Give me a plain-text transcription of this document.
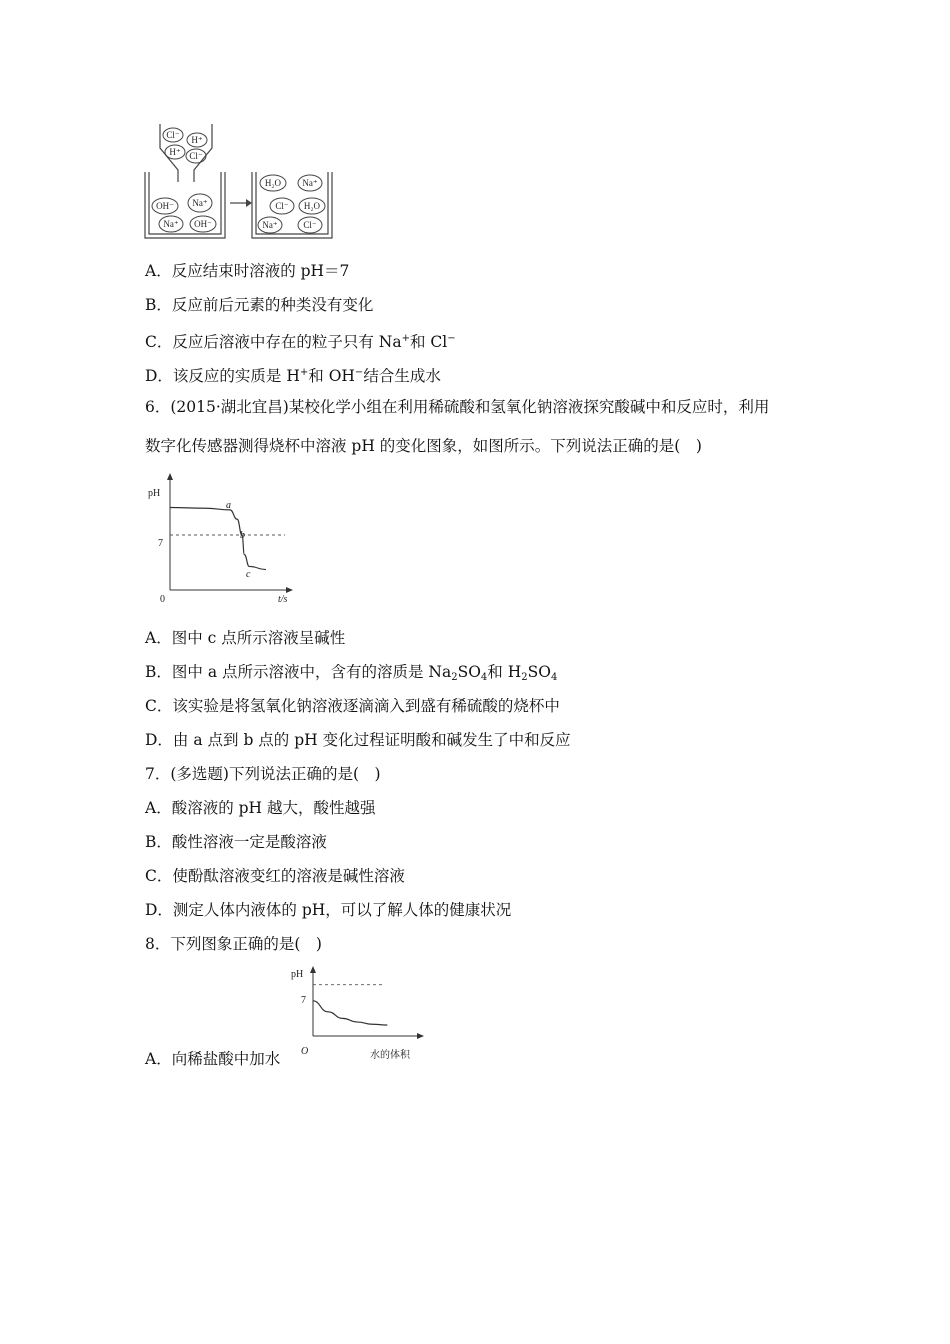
Cl⁻ H⁺
H⁺ Cl⁻
OH⁻ Na⁺
Na⁺ OH⁻
H₂O Na⁺
Cl⁻ H₂O
Na⁺	Cl⁻
A．反应结束时溶液的 pH＝7
B．反应前后元素的种类没有变化
C．反应后溶液中存在的粒子只有 Na+和 Cl−
D．该反应的实质是 H+和 OH−结合生成水
6．(2015·湖北宜昌)某校化学小组在利用稀硫酸和氢氧化钠溶液探究酸碱中和反应时，利用
数字化传感器测得烧杯中溶液 pH 的变化图象，如图所示。下列说法正确的是(　)
pH
7
0	t/s
a
b
c
A．图中 c 点所示溶液呈碱性
B．图中 a 点所示溶液中，含有的溶质是 $Na_2SO_4$和 $H_2SO_4$
C．该实验是将氢氧化钠溶液逐滴滴入到盛有稀硫酸的烧杯中
D．由 a 点到 b 点的 pH 变化过程证明酸和碱发生了中和反应
7．(多选题)下列说法正确的是(　)
A．酸溶液的 pH 越大，酸性越强
B．酸性溶液一定是酸溶液
C．使酚酞溶液变红的溶液是碱性溶液
D．测定人体内液体的 pH，可以了解人体的健康状况
8．下列图象正确的是(　)
pH
7
O	水的体积
A．向稀盐酸中加水
